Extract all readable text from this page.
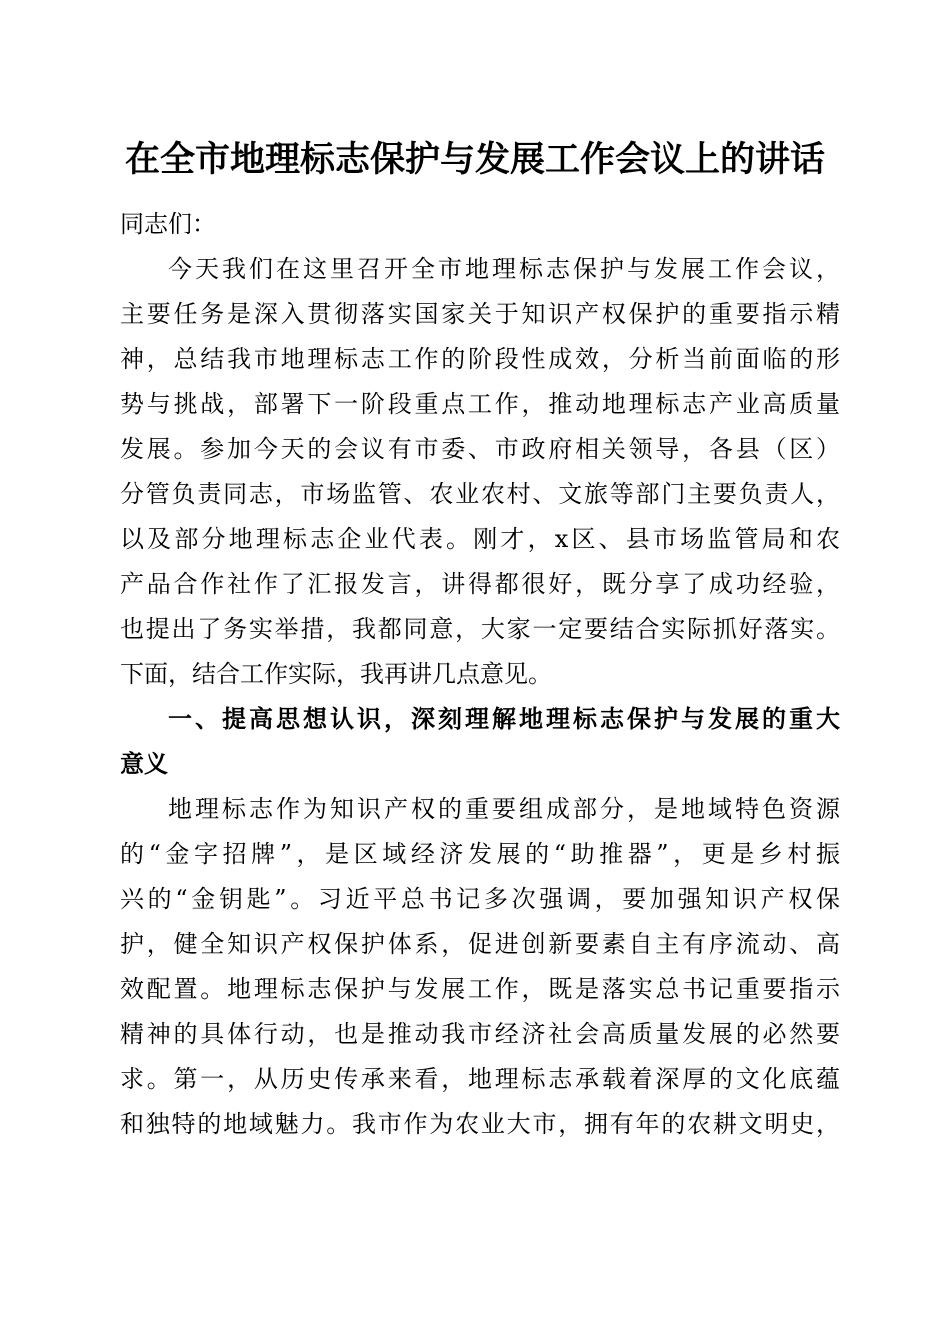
在全市地理标志保护与发展工作会议上的讲话
同志们：
今天我们在这里召开全市地理标志保护与发展工作会议，
主要任务是深入贯彻落实国家关于知识产权保护的重要指示精
神，总结我市地理标志工作的阶段性成效，分析当前面临的形
势与挑战，部署下一阶段重点工作，推动地理标志产业高质量
发展。参加今天的会议有市委、市政府相关领导，各县（区）
分管负责同志，市场监管、农业农村、文旅等部门主要负责人，
以及部分地理标志企业代表。刚才，x区、县市场监管局和农
产品合作社作了汇报发言，讲得都很好，既分享了成功经验，
也提出了务实举措，我都同意，大家一定要结合实际抓好落实。
下面，结合工作实际，我再讲几点意见。
一、提高思想认识，深刻理解地理标志保护与发展的重大
意义
地理标志作为知识产权的重要组成部分，是地域特色资源
的“金字招牌”，是区域经济发展的“助推器”，更是乡村振
兴的“金钥匙”。习近平总书记多次强调，要加强知识产权保
护，健全知识产权保护体系，促进创新要素自主有序流动、高
效配置。地理标志保护与发展工作，既是落实总书记重要指示
精神的具体行动，也是推动我市经济社会高质量发展的必然要
求。第一，从历史传承来看，地理标志承载着深厚的文化底蕴
和独特的地域魅力。我市作为农业大市，拥有年的农耕文明史，
